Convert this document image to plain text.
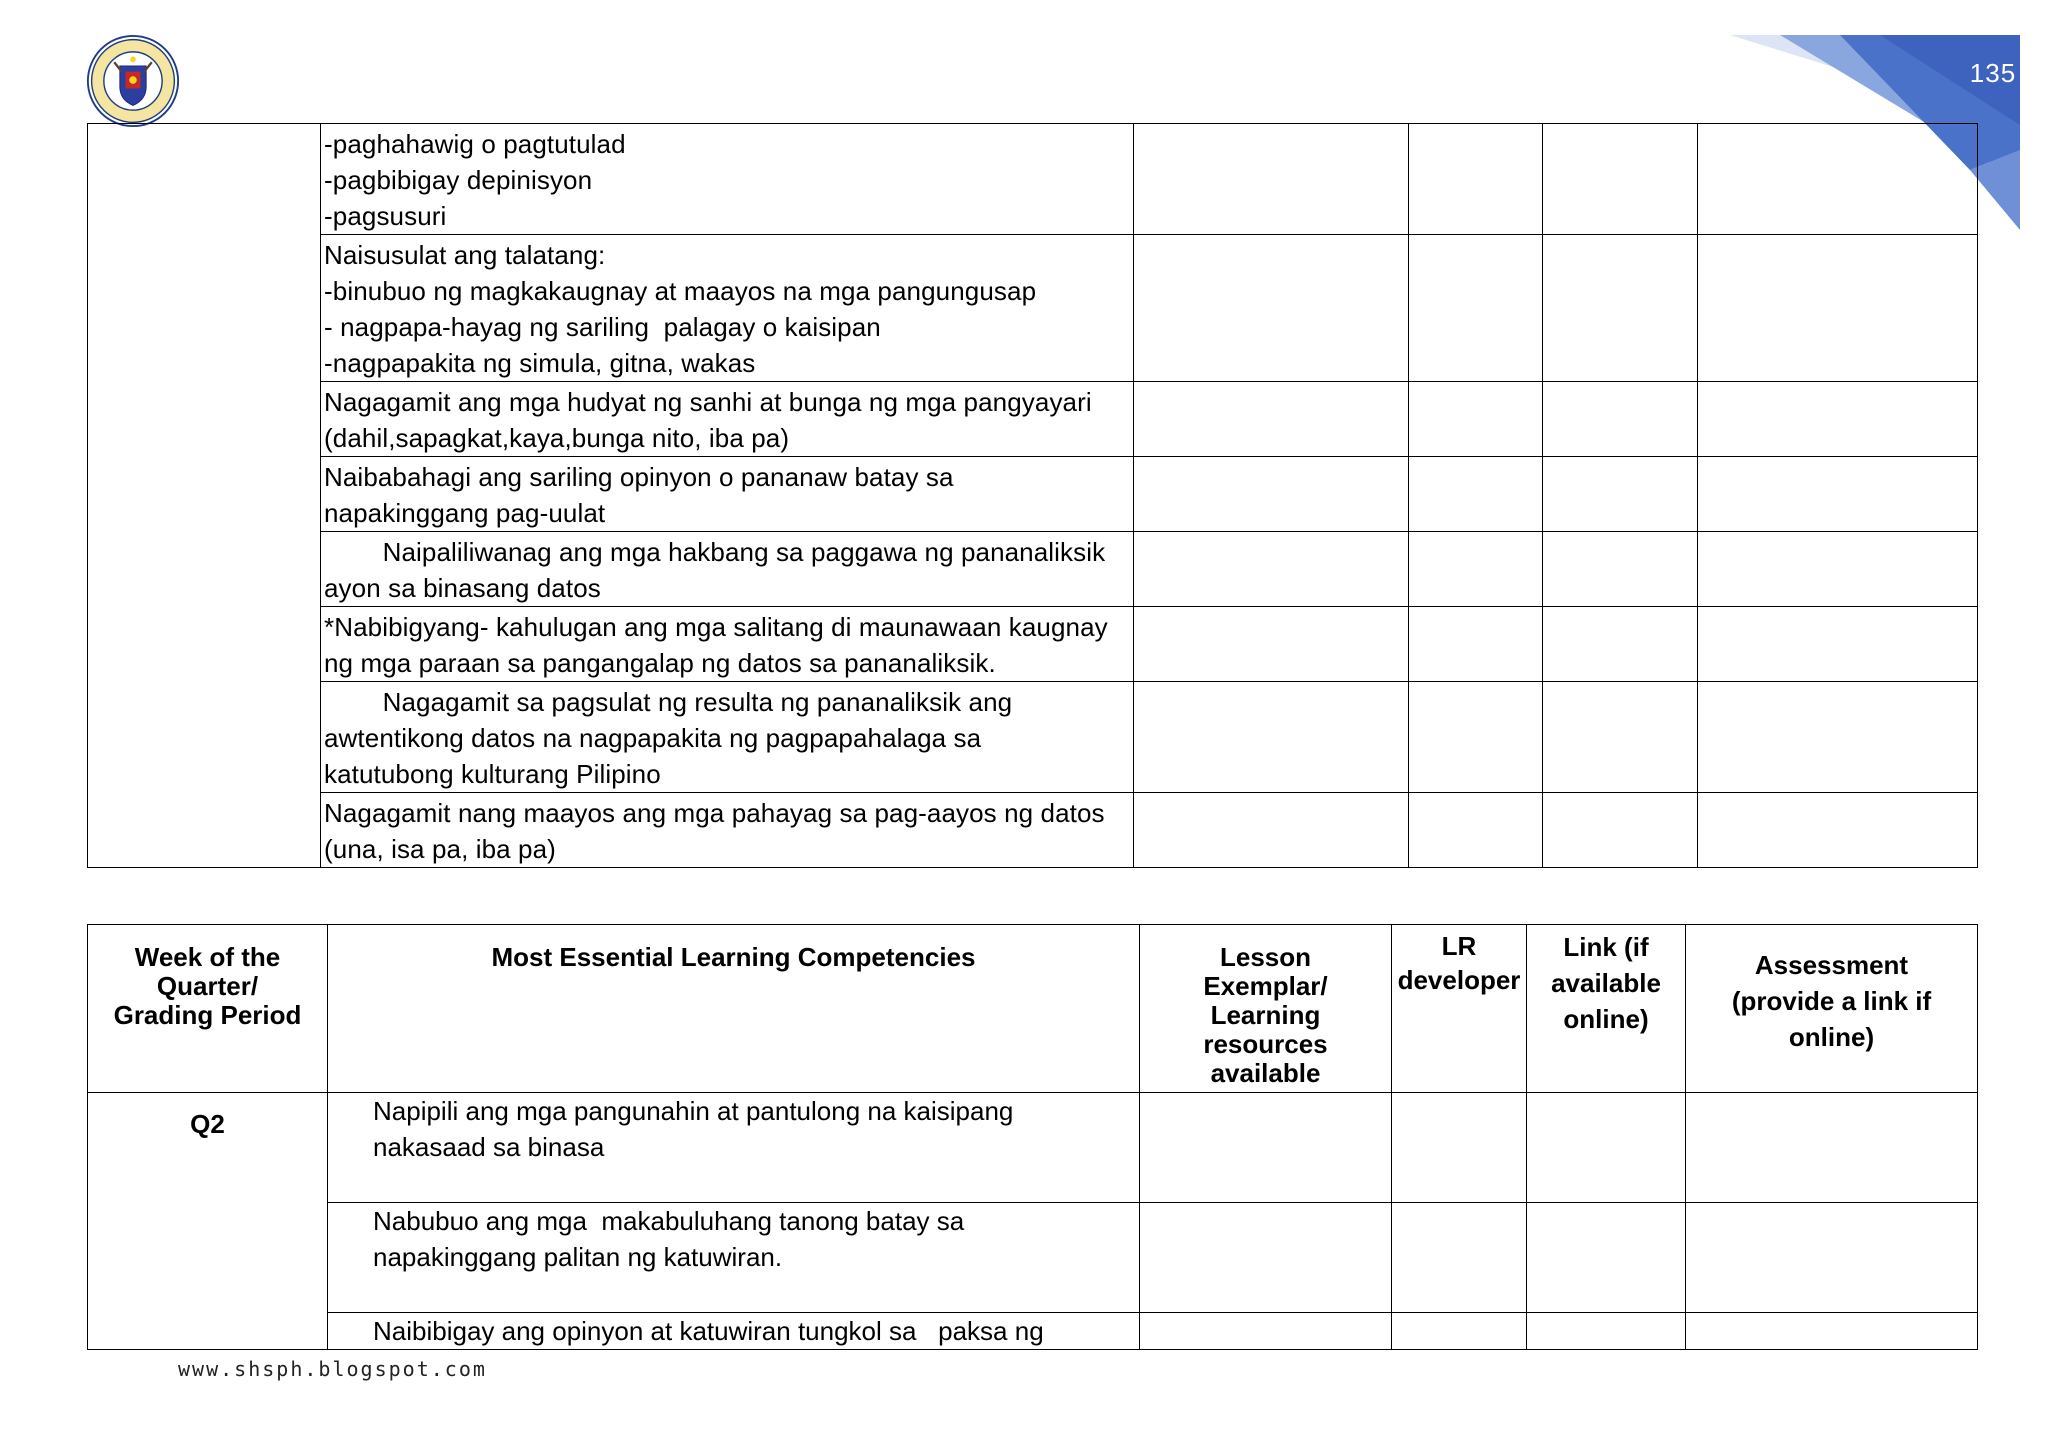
135
	-paghahawig o pagtutulad
-pagbibigay depinisyon
-pagsusuri				
	Naisusulat ang talatang:
-binubuo ng magkakaugnay at maayos na mga pangungusap
- nagpapa-hayag ng sariling  palagay o kaisipan
-nagpapakita ng simula, gitna, wakas				
	Nagagamit ang mga hudyat ng sanhi at bunga ng mga pangyayari
(dahil,sapagkat,kaya,bunga nito, iba pa)				
	Naibabahagi ang sariling opinyon o pananaw batay sa
napakinggang pag-uulat				
	Naipaliliwanag ang mga hakbang sa paggawa ng pananaliksik
ayon sa binasang datos				
	*Nabibigyang- kahulugan ang mga salitang di maunawaan kaugnay
ng mga paraan sa pangangalap ng datos sa pananaliksik.				
	Nagagamit sa pagsulat ng resulta ng pananaliksik ang
awtentikong datos na nagpapakita ng pagpapahalaga sa
katutubong kulturang Pilipino				
	Nagagamit nang maayos ang mga pahayag sa pag-aayos ng datos
(una, isa pa, iba pa)				
Week of the
Quarter/
Grading Period	Most Essential Learning Competencies	Lesson
Exemplar/
Learning
resources
available	LR
developer	Link (if
available
online)	Assessment
(provide a link if
online)
Q2	Napipili ang mga pangunahin at pantulong na kaisipang
nakasaad sa binasa				
	Nabubuo ang mga  makabuluhang tanong batay sa
napakinggang palitan ng katuwiran.				
	Naibibigay ang opinyon at katuwiran tungkol sa   paksa ng				
www.shsph.blogspot.com
